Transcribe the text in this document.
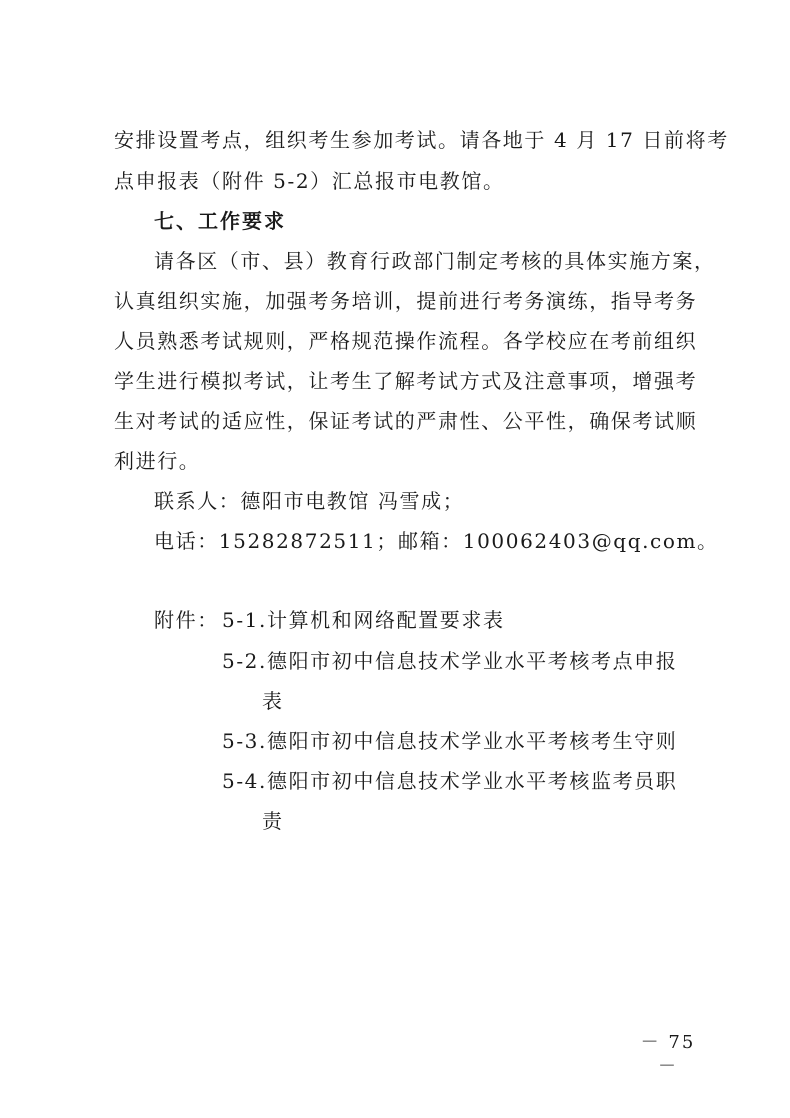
安排设置考点，组织考生参加考试。请各地于 4 月 17 日前将考
点申报表（附件 5-2）汇总报市电教馆。
七、工作要求
请各区（市、县）教育行政部门制定考核的具体实施方案，
认真组织实施，加强考务培训，提前进行考务演练，指导考务
人员熟悉考试规则，严格规范操作流程。各学校应在考前组织
学生进行模拟考试，让考生了解考试方式及注意事项，增强考
生对考试的适应性，保证考试的严肃性、公平性，确保考试顺
利进行。
联系人：德阳市电教馆 冯雪成；
电话：15282872511；邮箱：100062403@qq.com。
附件： 5-1.计算机和网络配置要求表
5-2.德阳市初中信息技术学业水平考核考点申报
表
5-3.德阳市初中信息技术学业水平考核考生守则
5-4.德阳市初中信息技术学业水平考核监考员职
责
－ 75 －
